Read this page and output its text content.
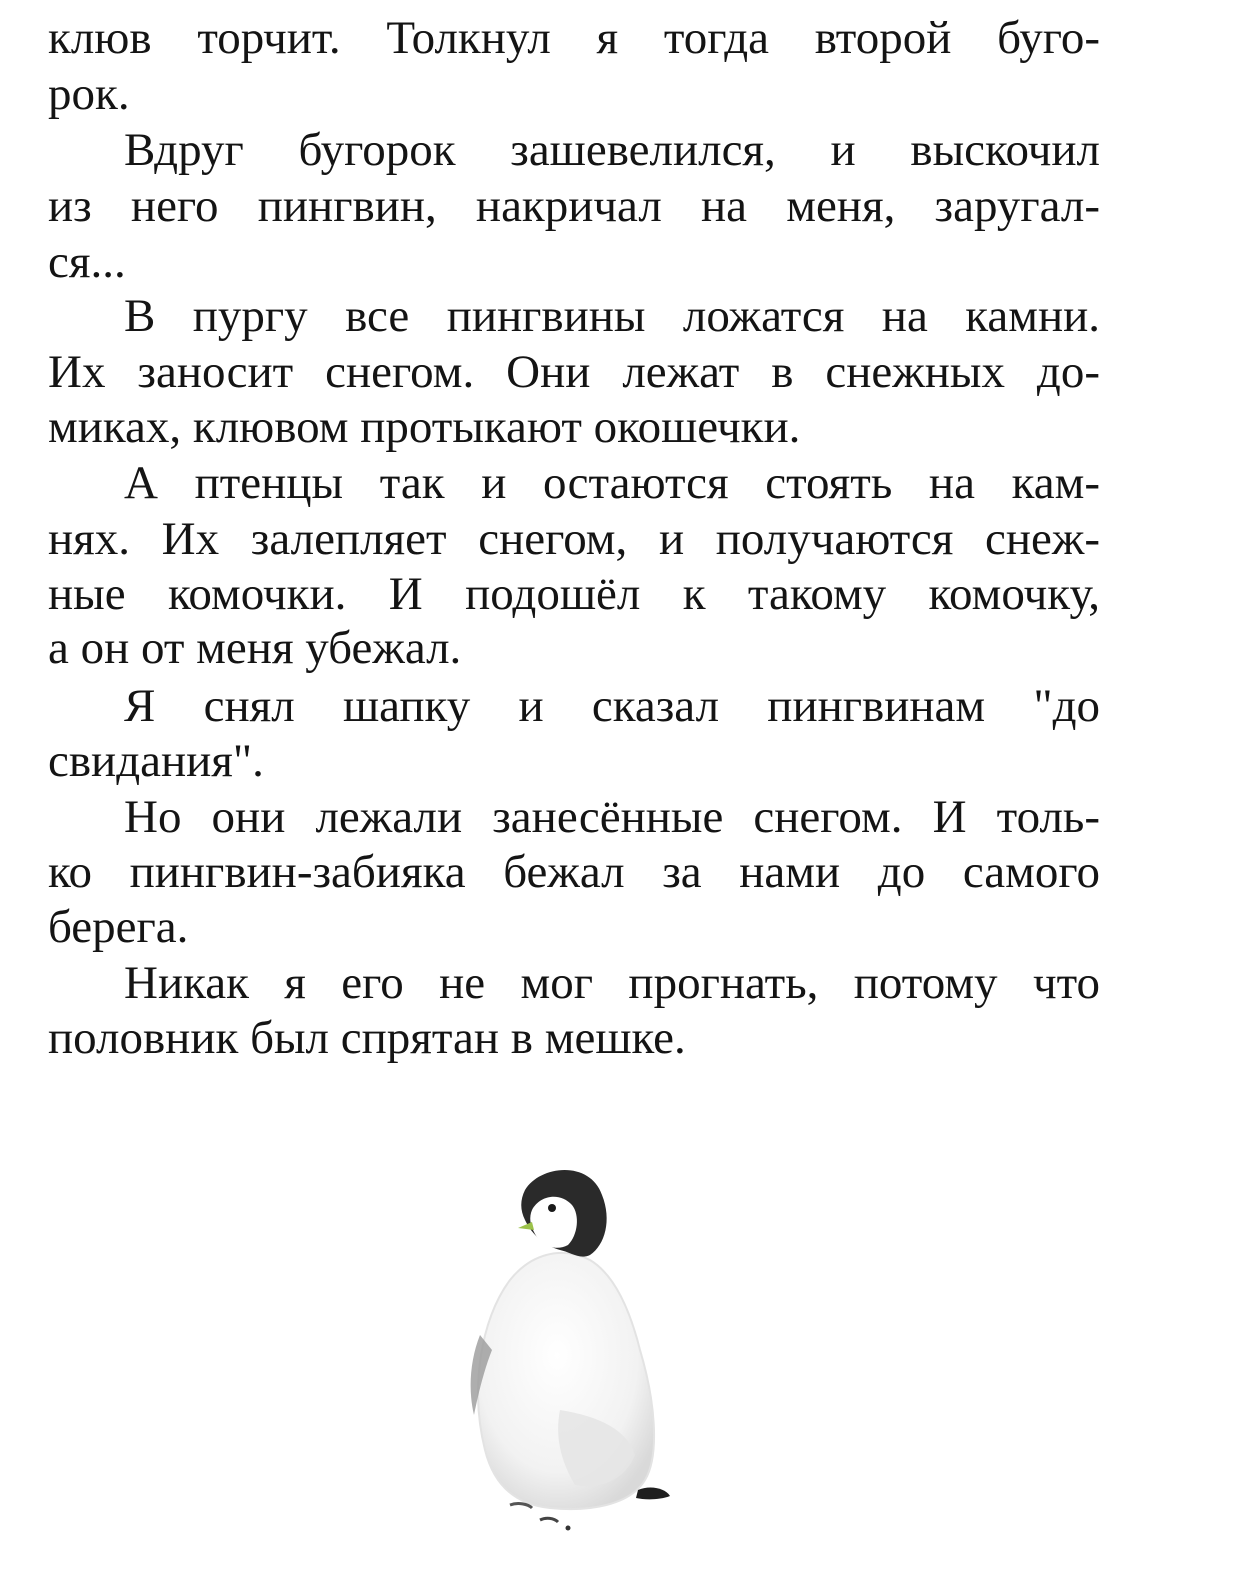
клюв торчит. Толкнул я тогда второй буго-
рок.
Вдруг бугорок зашевелился, и выскочил
из него пингвин, накричал на меня, заругал-
ся...
В пургу все пингвины ложатся на камни.
Их заносит снегом. Они лежат в снежных до-
миках, клювом протыкают окошечки.
А птенцы так и остаются стоять на кам-
нях. Их залепляет снегом, и получаются снеж-
ные комочки. И подошёл к такому комочку,
а он от меня убежал.
Я снял шапку и сказал пингвинам "до
свидания".
Но они лежали занесённые снегом. И толь-
ко пингвин-забияка бежал за нами до самого
берега.
Никак я его не мог прогнать, потому что
половник был спрятан в мешке.
